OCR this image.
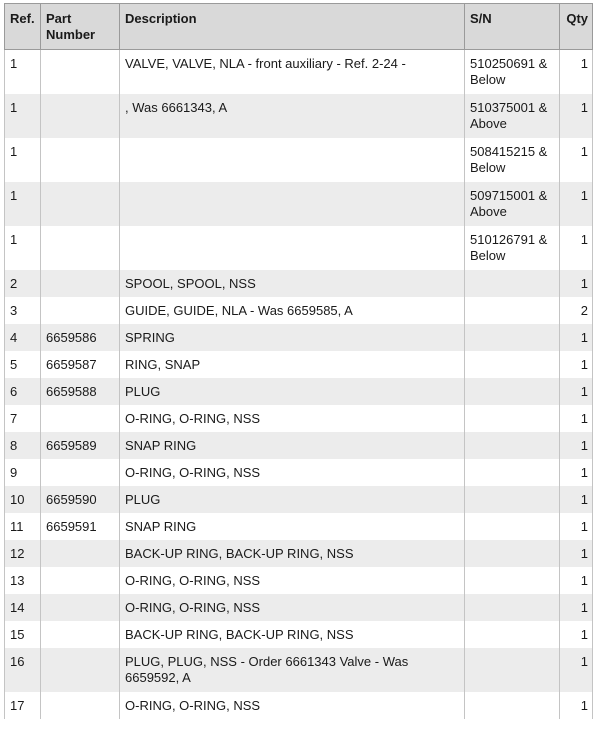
Ref.	Part Number	Description	S/N	Qty
1		VALVE, VALVE, NLA - front auxiliary - Ref. 2-24 -	510250691 & Below	1
1		, Was 6661343, A	510375001 & Above	1
1			508415215 & Below	1
1			509715001 & Above	1
1			510126791 & Below	1
2		SPOOL, SPOOL, NSS		1
3		GUIDE, GUIDE, NLA - Was 6659585, A		2
4	6659586	SPRING		1
5	6659587	RING, SNAP		1
6	6659588	PLUG		1
7		O-RING, O-RING, NSS		1
8	6659589	SNAP RING		1
9		O-RING, O-RING, NSS		1
10	6659590	PLUG		1
11	6659591	SNAP RING		1
12		BACK-UP RING, BACK-UP RING, NSS		1
13		O-RING, O-RING, NSS		1
14		O-RING, O-RING, NSS		1
15		BACK-UP RING, BACK-UP RING, NSS		1
16		PLUG, PLUG, NSS - Order 6661343 Valve - Was 6659592, A		1
17		O-RING, O-RING, NSS		1
